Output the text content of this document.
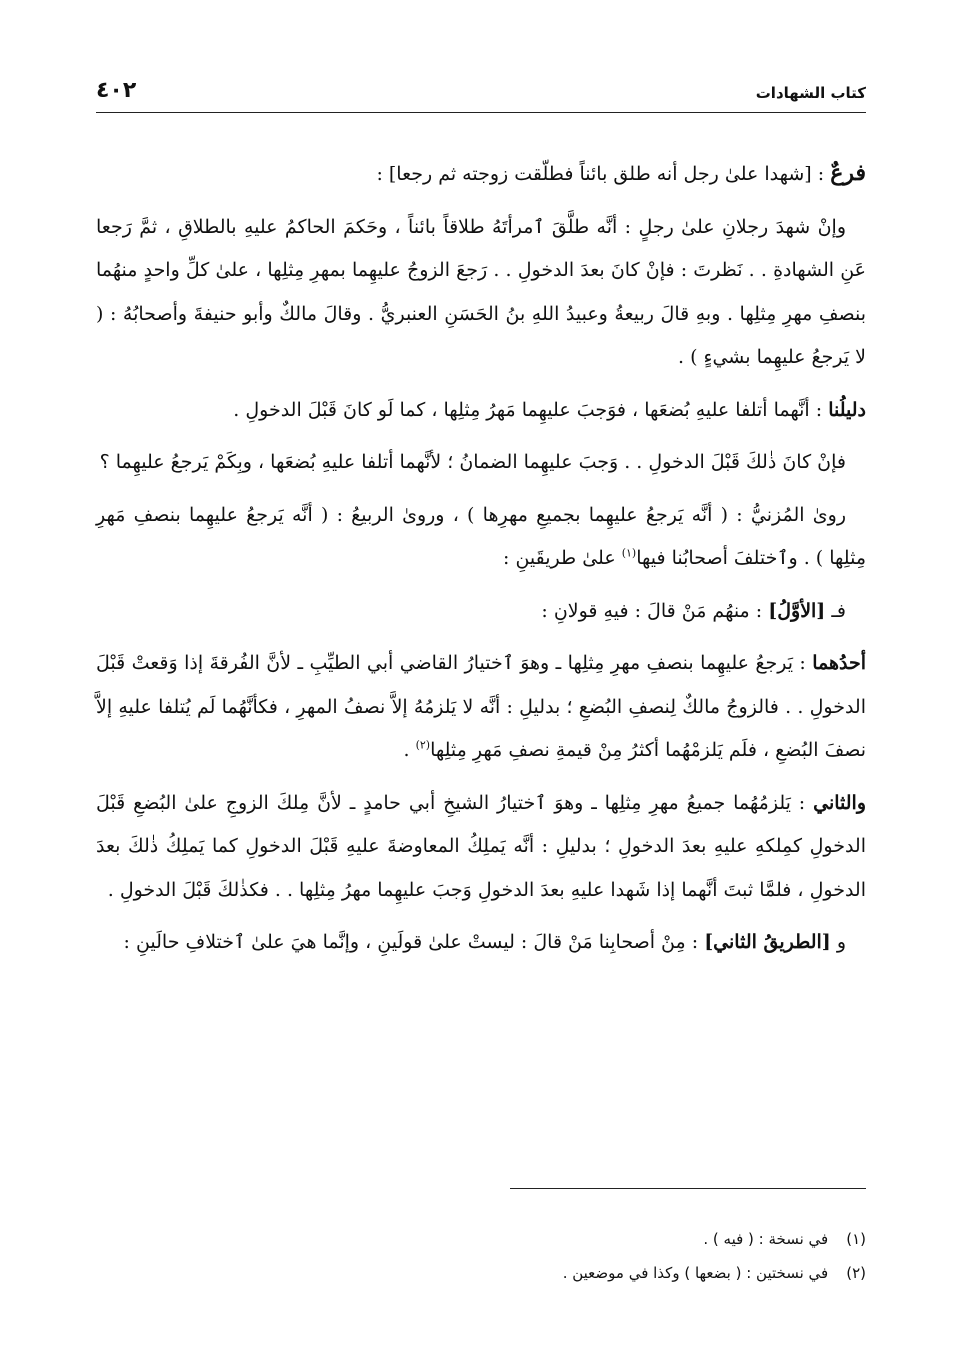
كتاب الشهادات
٤٠٢

فرعٌ : [شهدا علىٰ رجل أنه طلق بائناً فطلّقت زوجته ثم رجعا] :

وإنْ شهدَ رجلانِ علىٰ رجلٍ : أنَّه طلَّقَ ٱمرأتَهُ طلاقاً بائناً ، وحَكمَ الحاكمُ عليهِ بالطلاقِ ، ثمَّ رَجعا عَنِ الشهادةِ . . نَظرتَ : فإنْ كانَ بعدَ الدخولِ . . رَجعَ الزوجُ عليهِما بمهرِ مِثلِها ، علىٰ كلِّ واحدٍ منهُما بنصفِ مهرِ مِثلِها . وبهِ قالَ ربيعةُ وعبيدُ اللهِ بنُ الحَسَنِ العنبريُّ . وقالَ مالكٌ وأبو حنيفةَ وأصحابُهُ : ( لا يَرجعُ عليهِما بشيءٍ ) .

دليلُنا : أنَّهما أتلفا عليهِ بُضعَها ، فوَجبَ عليهِما مَهرُ مِثلِها ، كما لَو كانَ قَبْلَ الدخولِ .

فإنْ كانَ ذٰلكَ قَبْلَ الدخولِ . . وَجبَ عليهِما الضمانُ ؛ لأنَّهما أتلفا عليهِ بُضعَها ، وبِكَمْ يَرجعُ عليهِما ؟

روىٰ المُزنيُّ : ( أنَّه يَرجعُ عليهِما بجميعِ مهرِها ) ، وروىٰ الربيعُ : ( أنَّه يَرجعُ عليهِما بنصفِ مَهرِ مِثلِها ) . وٱختلفَ أصحابُنا فيها$^{(١)}$ علىٰ طريقَينِ :

فـ [الأوَّلُ] : منهُم مَنْ قالَ : فيهِ قولانِ :

أحدُهما : يَرجعُ عليهِما بنصفِ مهرِ مِثلِها ـ وهوَ ٱختيارُ القاضي أبي الطيِّبِ ـ لأنَّ الفُرقةَ إذا وَقعتْ قَبْلَ الدخولِ . . فالزوجُ مالكٌ لِنصفِ البُضعِ ؛ بدليلِ : أنَّه لا يَلزمُهُ إلاَّ نصفُ المهرِ ، فكأنَّهُما لَم يُتلفا عليهِ إلاَّ نصفَ البُضعِ ، فلَم يَلزمْهُما أكثرُ مِنْ قيمةِ نصفِ مَهرِ مِثلِها$^{(٢)}$ .

والثاني : يَلزمُهُما جميعُ مهرِ مِثلِها ـ وهوَ ٱختيارُ الشيخِ أبي حامدٍ ـ لأنَّ مِلكَ الزوجِ علىٰ البُضعِ قَبْلَ الدخولِ كمِلكهِ عليهِ بعدَ الدخولِ ؛ بدليلِ : أنَّه يَملِكُ المعاوضةَ عليهِ قَبْلَ الدخولِ كما يَملِكُ ذٰلكَ بعدَ الدخولِ ، فلمَّا ثبتَ أنَّهما إذا شَهدا عليهِ بعدَ الدخولِ وَجبَ عليهِما مهرُ مِثلِها . . فكذٰلكَ قَبْلَ الدخولِ .

و [الطريقُ الثاني] : مِنْ أصحابِنا مَنْ قالَ : ليستْ علىٰ قولَينِ ، وإنَّما هيَ علىٰ ٱختلافِ حالَينِ :

(١)في نسخة : ( فيه ) .
(٢)في نسختين : ( بضعها ) وكذا في موضعين .
